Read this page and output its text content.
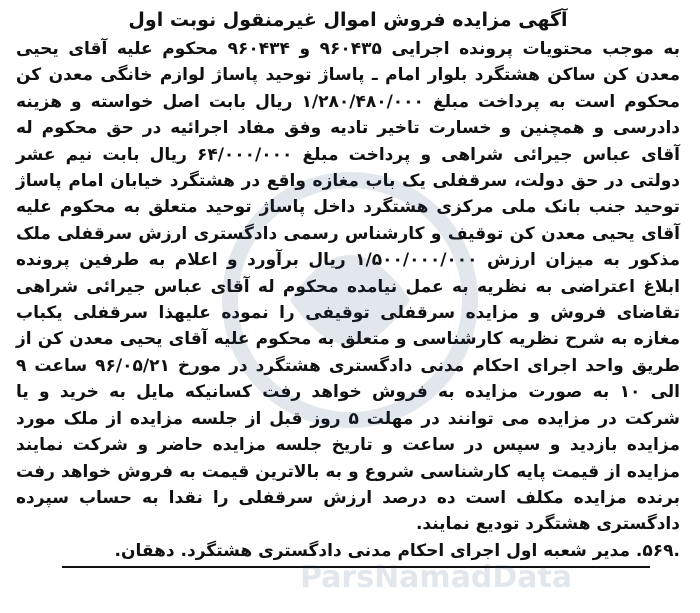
آگهی مزایده فروش اموال غیرمنقول نوبت اول

به موجب محتویات پرونده اجرایی ۹۶۰۴۳۵ و ۹۶۰۴۳۴ محکوم علیه آقای یحیی معدن کن ساکن هشتگرد بلوار امام ـ پاساژ توحید پاساژ لوازم خانگی معدن کن محکوم است به پرداخت مبلغ ۱/۲۸۰/۴۸۰/۰۰۰ ریال بابت اصل خواسته و هزینه دادرسی و همچنین و خسارت تاخیر تادیه وفق مفاد اجرائیه در حق محکوم له آقای عباس جیرائی شراهی و پرداخت مبلغ ۶۴/۰۰۰/۰۰۰ ریال بابت نیم عشر دولتی در حق دولت، سرقفلی یک باب مغازه واقع در هشتگرد خیابان امام پاساژ توحید جنب بانک ملی مرکزی هشتگرد داخل پاساژ توحید متعلق به محکوم علیه آقای یحیی معدن کن توقیف و کارشناس رسمی دادگستری ارزش سرقفلی ملک مذکور به میزان ارزش ۱/۵۰۰/۰۰۰/۰۰۰ ریال برآورد و اعلام به طرفین پرونده ابلاغ اعتراضی به نظریه به عمل نیامده محکوم له آقای عباس جیرائی شراهی تقاضای فروش و مزایده سرقفلی توقیفی را نموده علیهذا سرقفلی یکباب مغازه به شرح نظریه کارشناسی و متعلق به محکوم علیه آقای یحیی معدن کن از طریق واحد اجرای احکام مدنی دادگستری هشتگرد در مورخ ۹۶/۰۵/۲۱ ساعت ۹ الی ۱۰ به صورت مزایده به فروش خواهد رفت کسانیکه مایل به خرید و یا شرکت در مزایده می توانند در مهلت ۵ روز قبل از جلسه مزایده از ملک مورد مزایده بازدید و سپس در ساعت و تاریخ جلسه مزایده حاضر و شرکت نمایند مزایده از قیمت پایه کارشناسی شروع و به بالاترین قیمت به فروش خواهد رفت برنده مزایده مکلف است ده درصد ارزش سرقفلی را نقدا به حساب سپرده دادگستری هشتگرد تودیع نمایند.

.۵۶۹. مدیر شعبه اول اجرای احکام مدنی دادگستری هشتگرد. دهقان.

ParsNamadData
